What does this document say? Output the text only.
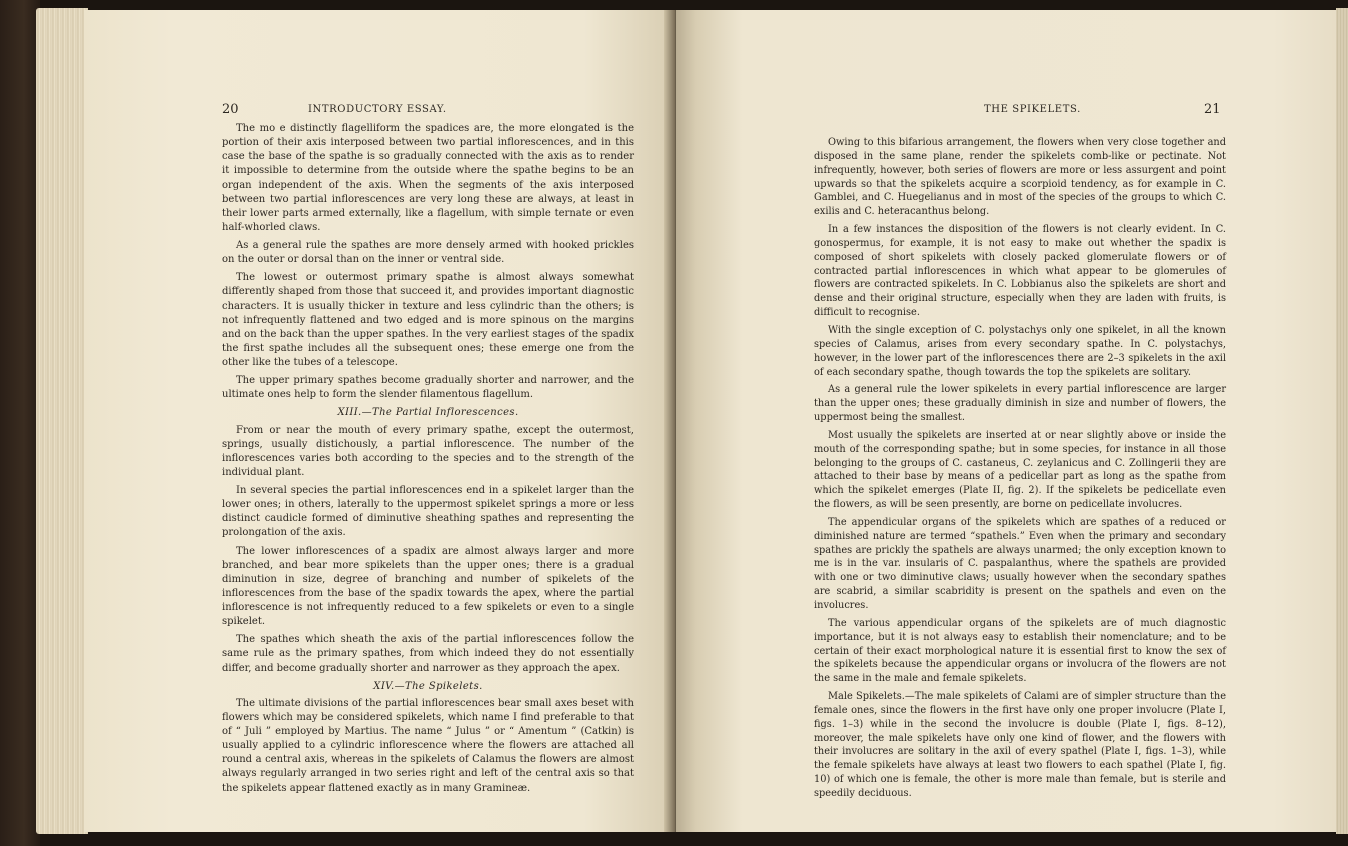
20	INTRODUCTORY ESSAY.

The mo e distinctly flagelliform the spadices are, the more elongated is the portion of their axis interposed between two partial inflorescences, and in this case the base of the spathe is so gradually connected with the axis as to render it impossible to determine from the outside where the spathe begins to be an organ independent of the axis. When the segments of the axis interposed between two partial inflorescences are very long these are always, at least in their lower parts armed externally, like a flagellum, with simple ternate or even half-whorled claws.

As a general rule the spathes are more densely armed with hooked prickles on the outer or dorsal than on the inner or ventral side.

The lowest or outermost primary spathe is almost always somewhat differently shaped from those that succeed it, and provides important diagnostic characters. It is usually thicker in texture and less cylindric than the others; is not infrequently flattened and two edged and is more spinous on the margins and on the back than the upper spathes. In the very earliest stages of the spadix the first spathe includes all the subsequent ones; these emerge one from the other like the tubes of a telescope.

The upper primary spathes become gradually shorter and narrower, and the ultimate ones help to form the slender filamentous flagellum.

XIII.—The Partial Inflorescences.

From or near the mouth of every primary spathe, except the outermost, springs, usually distichously, a partial inflorescence. The number of the inflorescences varies both according to the species and to the strength of the individual plant.

In several species the partial inflorescences end in a spikelet larger than the lower ones; in others, laterally to the uppermost spikelet springs a more or less distinct caudicle formed of diminutive sheathing spathes and representing the prolongation of the axis.

The lower inflorescences of a spadix are almost always larger and more branched, and bear more spikelets than the upper ones; there is a gradual diminution in size, degree of branching and number of spikelets of the inflorescences from the base of the spadix towards the apex, where the partial inflorescence is not infrequently reduced to a few spikelets or even to a single spikelet.

The spathes which sheath the axis of the partial inflorescences follow the same rule as the primary spathes, from which indeed they do not essentially differ, and become gradually shorter and narrower as they approach the apex.

XIV.—The Spikelets.

The ultimate divisions of the partial inflorescences bear small axes beset with flowers which may be considered spikelets, which name I find preferable to that of “ Juli ” employed by Martius. The name “ Julus ” or “ Amentum ” (Catkin) is usually applied to a cylindric inflorescence where the flowers are attached all round a central axis, whereas in the spikelets of Calamus the flowers are almost always regularly arranged in two series right and left of the central axis so that the spikelets appear flattened exactly as in many Gramineæ.

THE SPIKELETS.	21

Owing to this bifarious arrangement, the flowers when very close together and disposed in the same plane, render the spikelets comb-like or pectinate. Not infrequently, however, both series of flowers are more or less assurgent and point upwards so that the spikelets acquire a scorpioid tendency, as for example in C. Gamblei, and C. Huegelianus and in most of the species of the groups to which C. exilis and C. heteracanthus belong.

In a few instances the disposition of the flowers is not clearly evident. In C. gonospermus, for example, it is not easy to make out whether the spadix is composed of short spikelets with closely packed glomerulate flowers or of contracted partial inflorescences in which what appear to be glomerules of flowers are contracted spikelets. In C. Lobbianus also the spikelets are short and dense and their original structure, especially when they are laden with fruits, is difficult to recognise.

With the single exception of C. polystachys only one spikelet, in all the known species of Calamus, arises from every secondary spathe. In C. polystachys, however, in the lower part of the inflorescences there are 2–3 spikelets in the axil of each secondary spathe, though towards the top the spikelets are solitary.

As a general rule the lower spikelets in every partial inflorescence are larger than the upper ones; these gradually diminish in size and number of flowers, the uppermost being the smallest.

Most usually the spikelets are inserted at or near slightly above or inside the mouth of the corresponding spathe; but in some species, for instance in all those belonging to the groups of C. castaneus, C. zeylanicus and C. Zollingerii they are attached to their base by means of a pedicellar part as long as the spathe from which the spikelet emerges (Plate II, fig. 2). If the spikelets be pedicellate even the flowers, as will be seen presently, are borne on pedicellate involucres.

The appendicular organs of the spikelets which are spathes of a reduced or diminished nature are termed “spathels.” Even when the primary and secondary spathes are prickly the spathels are always unarmed; the only exception known to me is in the var. insularis of C. paspalanthus, where the spathels are provided with one or two diminutive claws; usually however when the secondary spathes are scabrid, a similar scabridity is present on the spathels and even on the involucres.

The various appendicular organs of the spikelets are of much diagnostic importance, but it is not always easy to establish their nomenclature; and to be certain of their exact morphological nature it is essential first to know the sex of the spikelets because the appendicular organs or involucra of the flowers are not the same in the male and female spikelets.

Male Spikelets.—The male spikelets of Calami are of simpler structure than the female ones, since the flowers in the first have only one proper involucre (Plate I, figs. 1–3) while in the second the involucre is double (Plate I, figs. 8–12), moreover, the male spikelets have only one kind of flower, and the flowers with their involucres are solitary in the axil of every spathel (Plate I, figs. 1–3), while the female spikelets have always at least two flowers to each spathel (Plate I, fig. 10) of which one is female, the other is more male than female, but is sterile and speedily deciduous.
